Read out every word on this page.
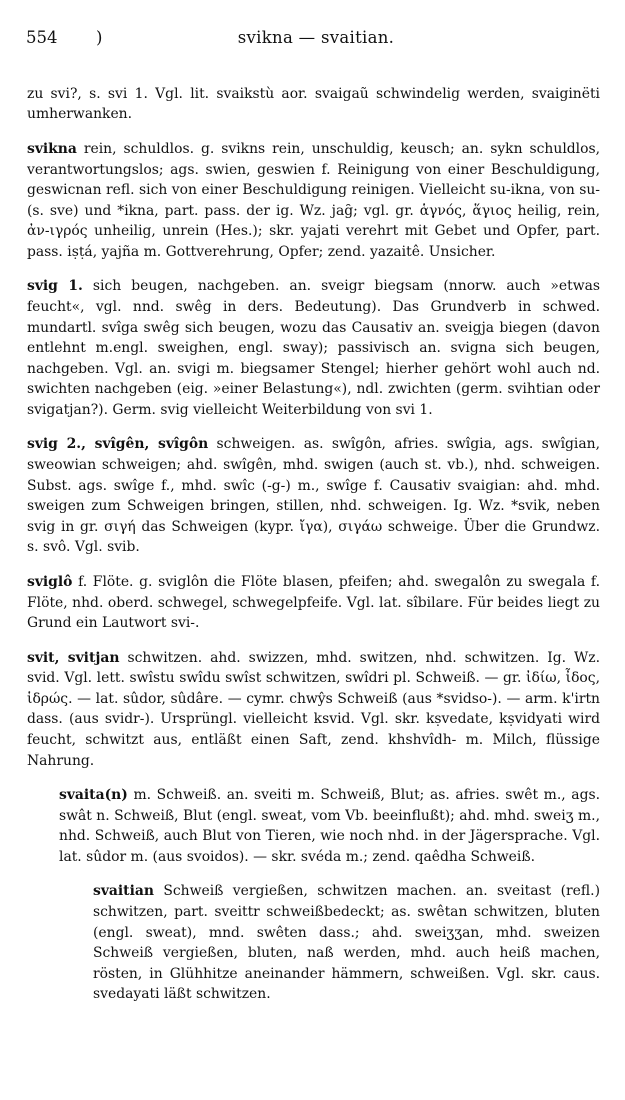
554 )	svikna — svaitian.

zu svi?, s. svi 1. Vgl. lit. svaikstù aor. svaigaũ schwindelig werden, svaiginëti umherwanken.

svikna rein, schuldlos. g. svikns rein, unschuldig, keusch; an. sykn schuldlos, verantwortungslos; ags. swien, geswien f. Reinigung von einer Beschuldigung, geswicnan refl. sich von einer Beschuldigung reinigen. Vielleicht su-ikna, von su- (s. sve) und *ikna, part. pass. der ig. Wz. jag̑; vgl. gr. ἁγνός, ἅγιος heilig, rein, ἀν-ιγρός unheilig, unrein (Hes.); skr. yajati verehrt mit Gebet und Opfer, part. pass. iṣṭá, yajña m. Gottverehrung, Opfer; zend. yazaitê. Unsicher.

svig 1. sich beugen, nachgeben. an. sveigr biegsam (nnorw. auch »etwas feucht«, vgl. nnd. swêg in ders. Bedeutung). Das Grundverb in schwed. mundartl. svîga swêg sich beugen, wozu das Causativ an. sveigja biegen (davon entlehnt m.engl. sweighen, engl. sway); passivisch an. svigna sich beugen, nachgeben. Vgl. an. svigi m. biegsamer Stengel; hierher gehört wohl auch nd. swichten nachgeben (eig. »einer Belastung«), ndl. zwichten (germ. svihtian oder svigatjan?). Germ. svig vielleicht Weiterbildung von svi 1.

svig 2., svîgên, svîgôn schweigen. as. swîgôn, afries. swîgia, ags. swîgian, sweowian schweigen; ahd. swîgên, mhd. swigen (auch st. vb.), nhd. schweigen. Subst. ags. swîge f., mhd. swîc (-g-) m., swîge f. Causativ svaigian: ahd. mhd. sweigen zum Schweigen bringen, stillen, nhd. schweigen. Ig. Wz. *svik, neben svig in gr. σιγή das Schweigen (kypr. ἴγα), σιγάω schweige. Über die Grundwz. s. svô. Vgl. svib.

sviglô f. Flöte. g. sviglôn die Flöte blasen, pfeifen; ahd. swegalôn zu swegala f. Flöte, nhd. oberd. schwegel, schwegelpfeife. Vgl. lat. sîbilare. Für beides liegt zu Grund ein Lautwort svi-.

svit, svitjan schwitzen. ahd. swizzen, mhd. switzen, nhd. schwitzen. Ig. Wz. svid. Vgl. lett. swîstu swîdu swîst schwitzen, swîdri pl. Schweiß. — gr. ἰδίω, ἶδος, ἱδρώς. — lat. sûdor, sûdâre. — cymr. chwŷs Schweiß (aus *svidso-). — arm. k'irtn dass. (aus svidr-). Ursprüngl. vielleicht ksvid. Vgl. skr. kṣvedate, kṣvidyati wird feucht, schwitzt aus, entläßt einen Saft, zend. khshvîdh- m. Milch, flüssige Nahrung.

svaita(n) m. Schweiß. an. sveiti m. Schweiß, Blut; as. afries. swêt m., ags. swât n. Schweiß, Blut (engl. sweat, vom Vb. beeinflußt); ahd. mhd. sweiʒ m., nhd. Schweiß, auch Blut von Tieren, wie noch nhd. in der Jägersprache. Vgl. lat. sûdor m. (aus svoidos). — skr. svéda m.; zend. qaêdha Schweiß.

svaitian Schweiß vergießen, schwitzen machen. an. sveitast (refl.) schwitzen, part. sveittr schweißbedeckt; as. swêtan schwitzen, bluten (engl. sweat), mnd. swêten dass.; ahd. sweiʒʒan, mhd. sweizen Schweiß vergießen, bluten, naß werden, mhd. auch heiß machen, rösten, in Glühhitze aneinander hämmern, schweißen. Vgl. skr. caus. svedayati läßt schwitzen.
